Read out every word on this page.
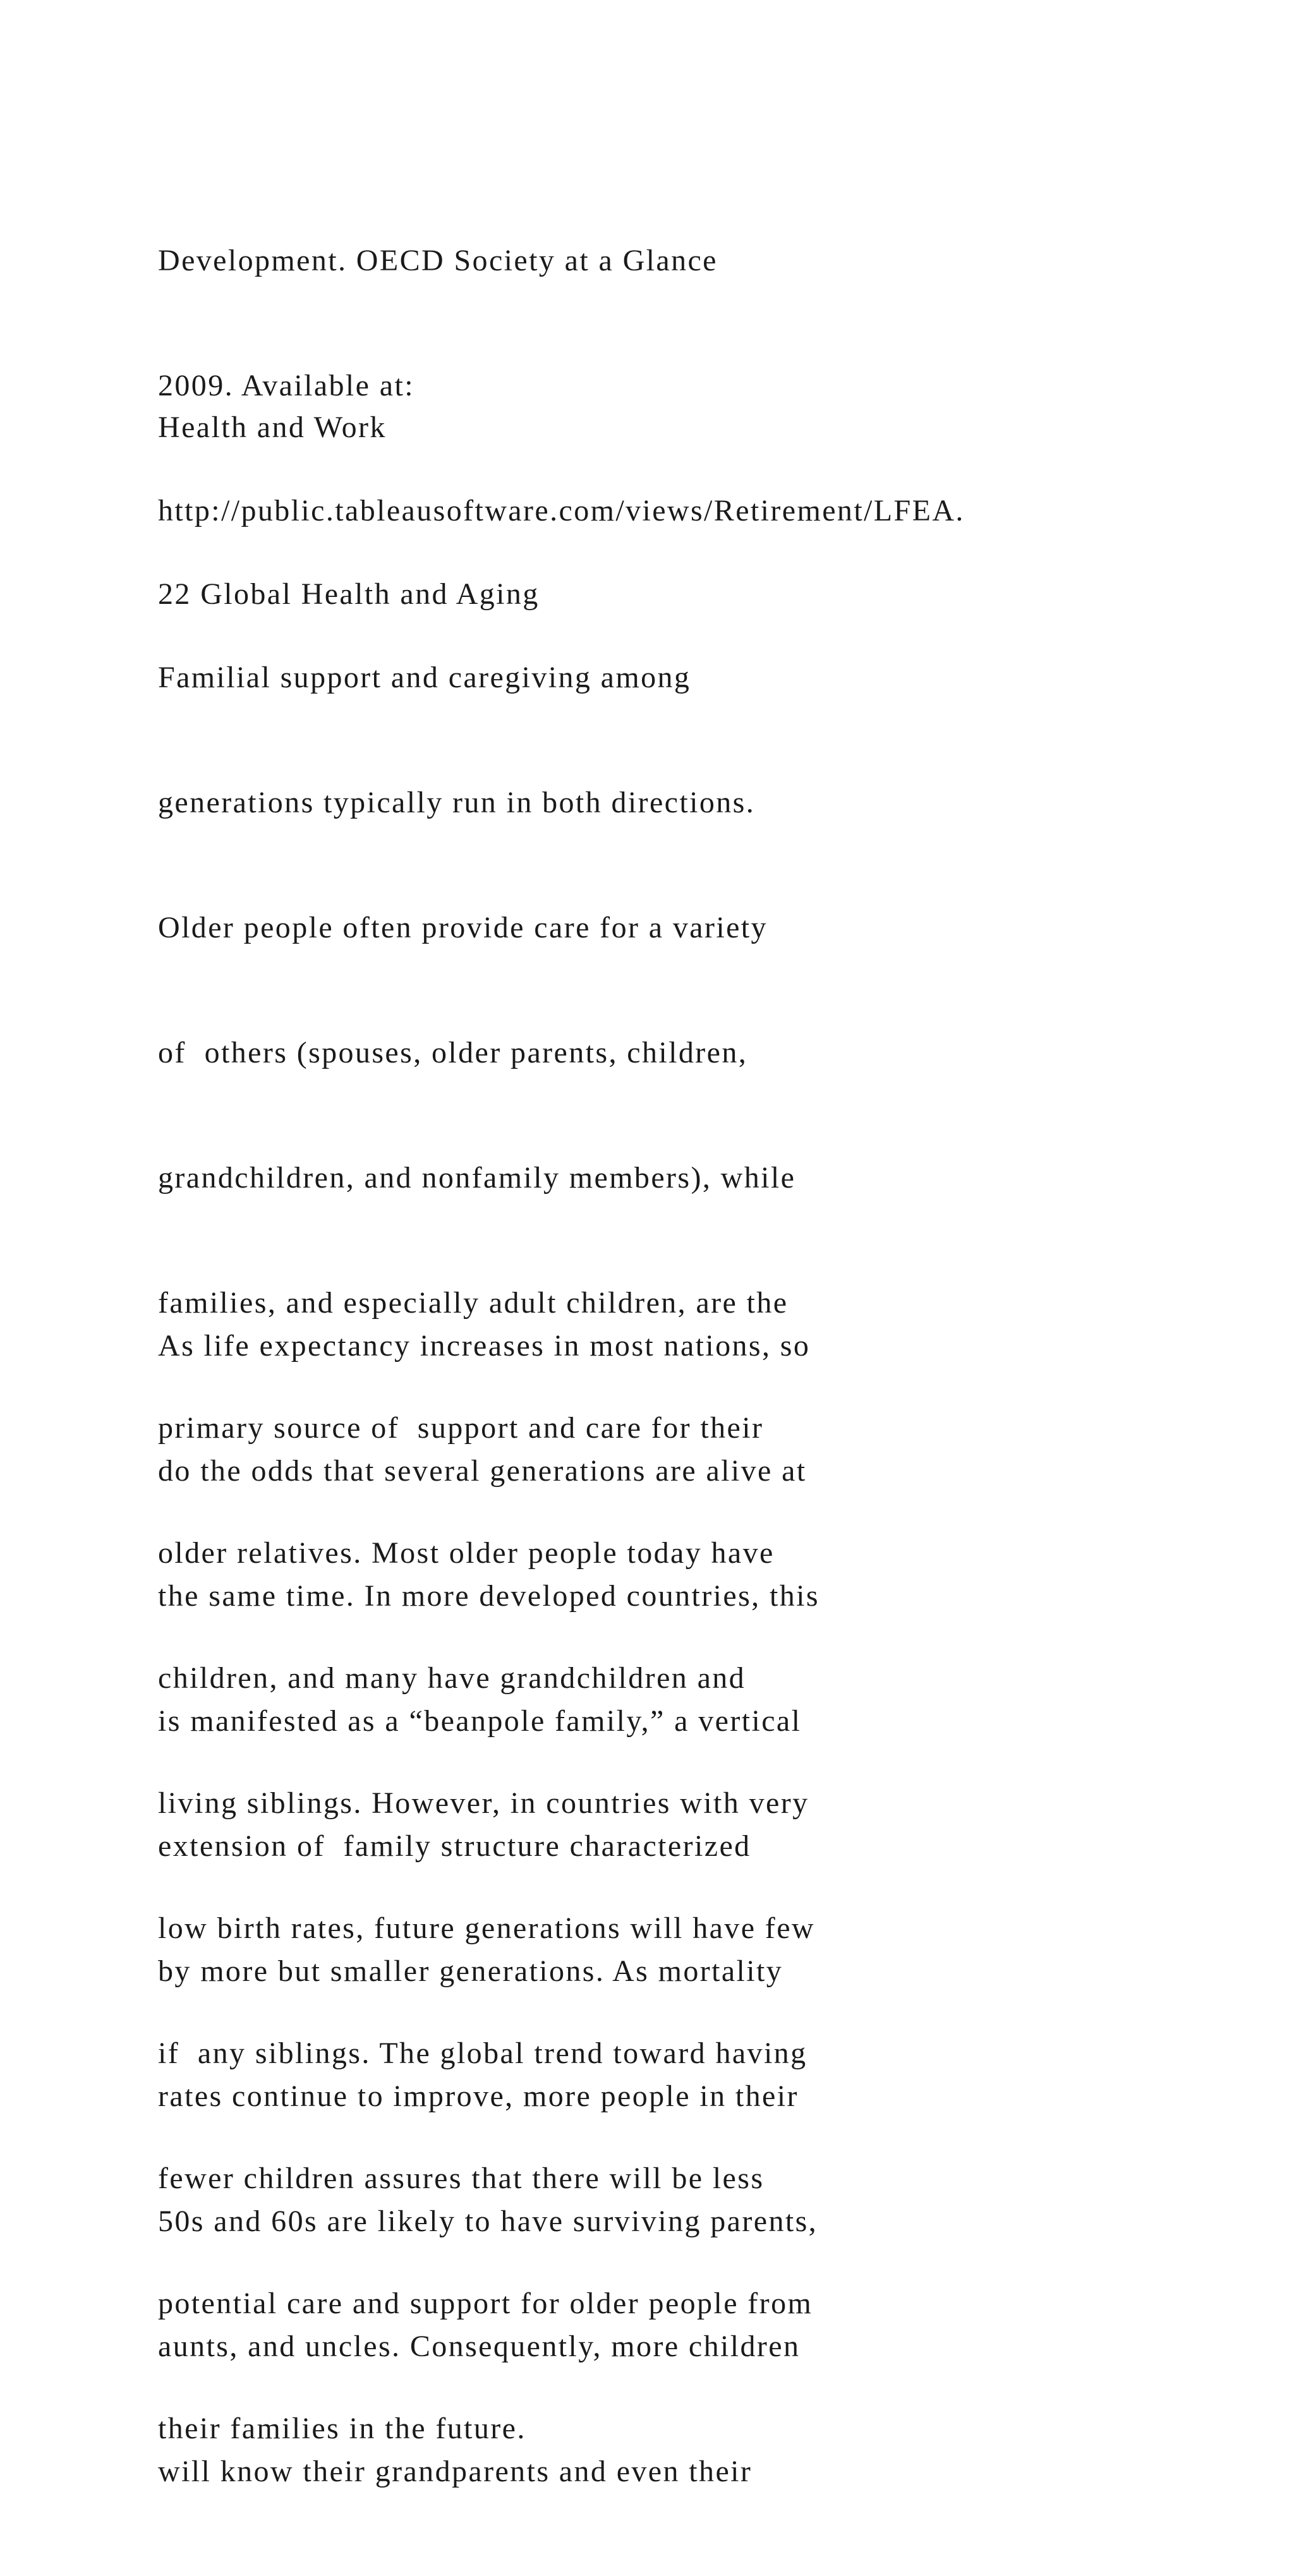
Development. OECD Society at a Glance

2009. Available at:

http://public.tableausoftware.com/views/Retirement/LFEA.

Health and Work

22 Global Health and Aging

Familial support and caregiving among

generations typically run in both directions.

Older people often provide care for a variety

of  others (spouses, older parents, children,

grandchildren, and nonfamily members), while

families, and especially adult children, are the

primary source of  support and care for their

older relatives. Most older people today have

children, and many have grandchildren and

living siblings. However, in countries with very

low birth rates, future generations will have few

if  any siblings. The global trend toward having

fewer children assures that there will be less

potential care and support for older people from

their families in the future.

As life expectancy increases in most nations, so

do the odds that several generations are alive at

the same time. In more developed countries, this

is manifested as a “beanpole family,” a vertical

extension of  family structure characterized

by more but smaller generations. As mortality

rates continue to improve, more people in their

50s and 60s are likely to have surviving parents,

aunts, and uncles. Consequently, more children

will know their grandparents and even their
